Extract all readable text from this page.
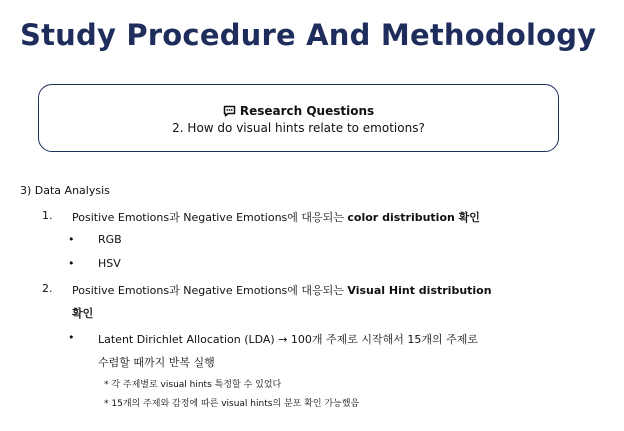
Study Procedure And Methodology
Research Questions
2. How do visual hints relate to emotions?
3) Data Analysis
1. Positive Emotions과 Negative Emotions에 대응되는 color distribution 확인
• RGB
• HSV
2. Positive Emotions과 Negative Emotions에 대응되는 Visual Hint distribution
확인
• Latent Dirichlet Allocation (LDA) → 100개 주제로 시작해서 15개의 주제로
수렴할 때까지 반복 실행
* 각 주제별로 visual hints 특정할 수 있었다
* 15개의 주제와 감정에 따른 visual hints의 분포 확인 가능했음
